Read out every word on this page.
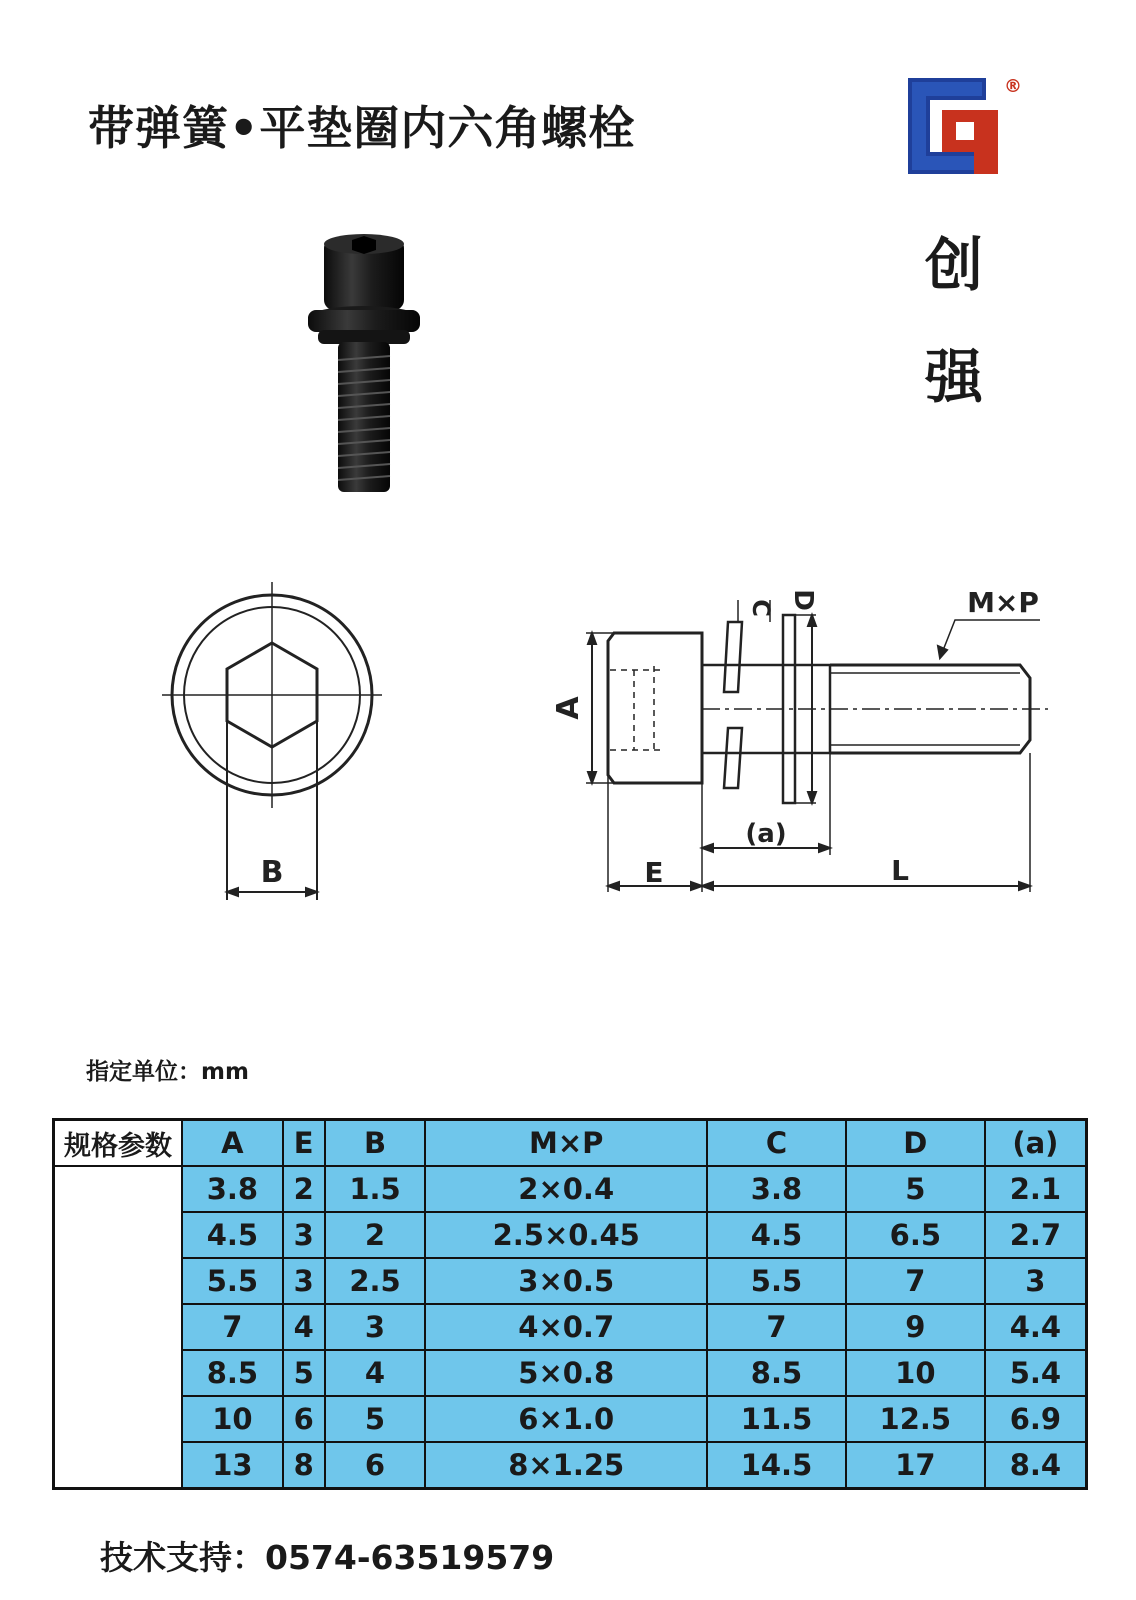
带弹簧•平垫圈内六角螺栓
®
创
强
B
A
C D
(a)
E	L
M×P
指定单位：mm
规格参数	A	E	B	M×P	C	D	(a)
	3.8	2	1.5	2×0.4	3.8	5	2.1
	4.5	3	2	2.5×0.45	4.5	6.5	2.7
	5.5	3	2.5	3×0.5	5.5	7	3
	7	4	3	4×0.7	7	9	4.4
	8.5	5	4	5×0.8	8.5	10	5.4
	10	6	5	6×1.0	11.5	12.5	6.9
	13	8	6	8×1.25	14.5	17	8.4
技术支持：0574-63519579
